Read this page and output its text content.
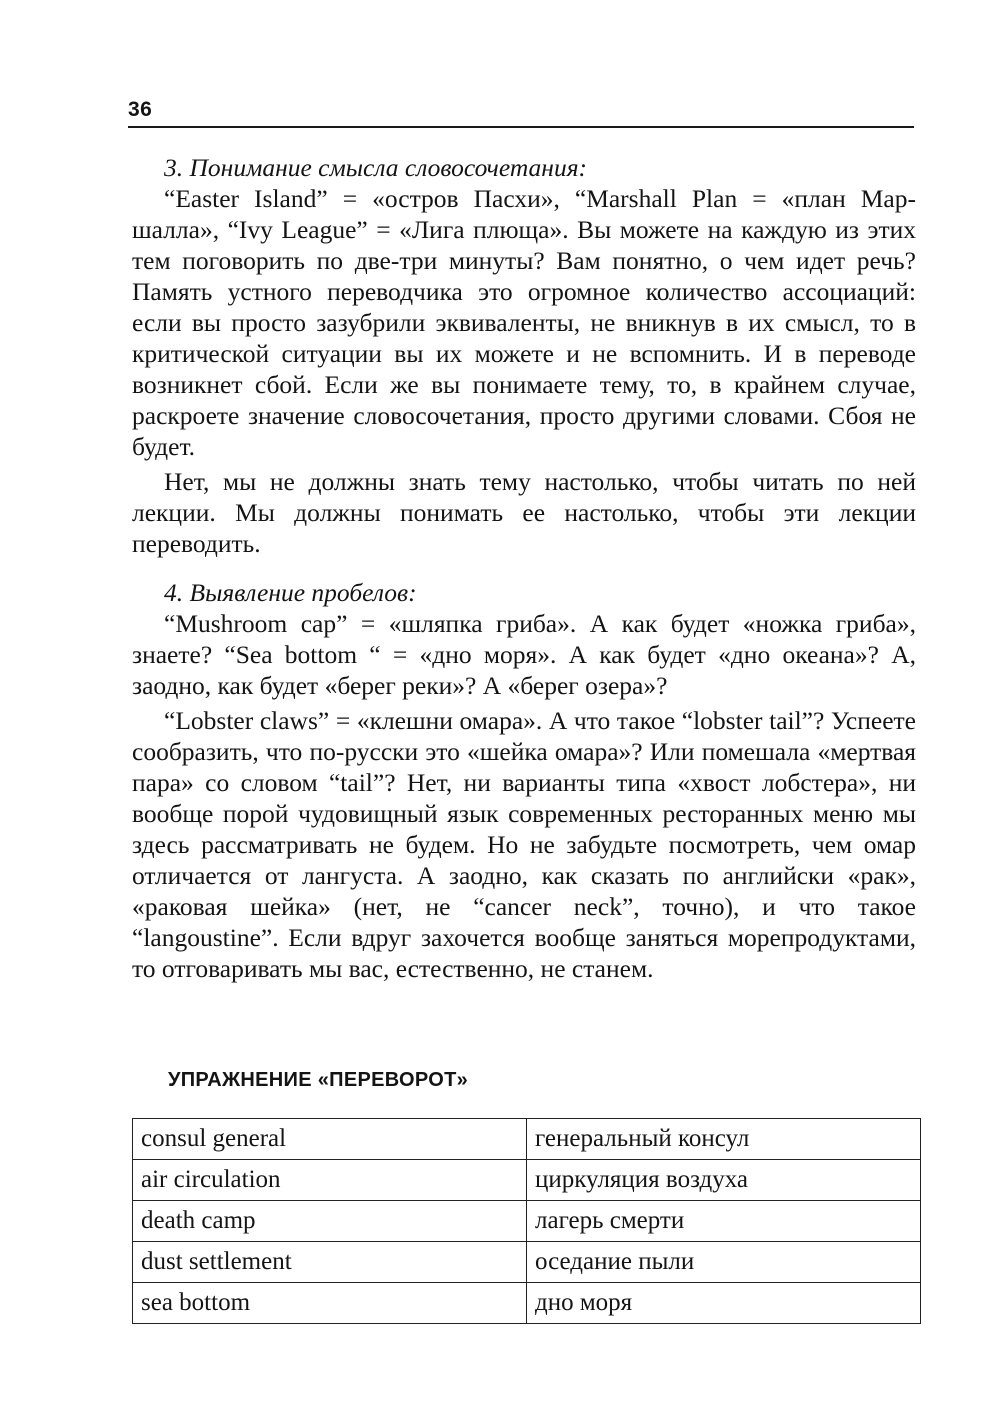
36

3. Понимание смысла словосочетания:

“Easter Island” = «остров Пасхи», “Marshall Plan = «план Маршалла», “Ivy League” = «Лига плюща». Вы можете на каждую из этих тем поговорить по две-три минуты? Вам понятно, о чем идет речь? Память устного переводчика это огромное количество ассоциаций: если вы просто зазубрили эквиваленты, не вникнув в их смысл, то в критической ситуации вы их можете и не вспомнить. И в переводе возникнет сбой. Если же вы понимаете тему, то, в крайнем случае, раскроете значение словосочетания, просто другими словами. Сбоя не будет.

Нет, мы не должны знать тему настолько, чтобы читать по ней лекции. Мы должны понимать ее настолько, чтобы эти лекции переводить.

4. Выявление пробелов:

“Mushroom cap” = «шляпка гриба». А как будет «ножка гриба», знаете? “Sea bottom “ = «дно моря». А как будет «дно океана»? А, заодно, как будет «берег реки»? А «берег озера»?

“Lobster claws” = «клешни омара». А что такое “lobster tail”? Успеете сообразить, что по-русски это «шейка омара»? Или помешала «мертвая пара» со словом “tail”? Нет, ни варианты типа «хвост лобстера», ни вообще порой чудовищный язык современных ресторанных меню мы здесь рассматривать не будем. Но не забудьте посмотреть, чем омар отличается от лангуста. А заодно, как сказать по английски «рак», «раковая шейка» (нет, не “cancer neck”, точно), и что такое “langoustine”. Если вдруг захочется вообще заняться морепродуктами, то отговаривать мы вас, естественно, не станем.

УПРАЖНЕНИЕ «ПЕРЕВОРОТ»
consul general	генеральный консул
air circulation	циркуляция воздуха
death camp	лагерь смерти
dust settlement	оседание пыли
sea bottom	дно моря
